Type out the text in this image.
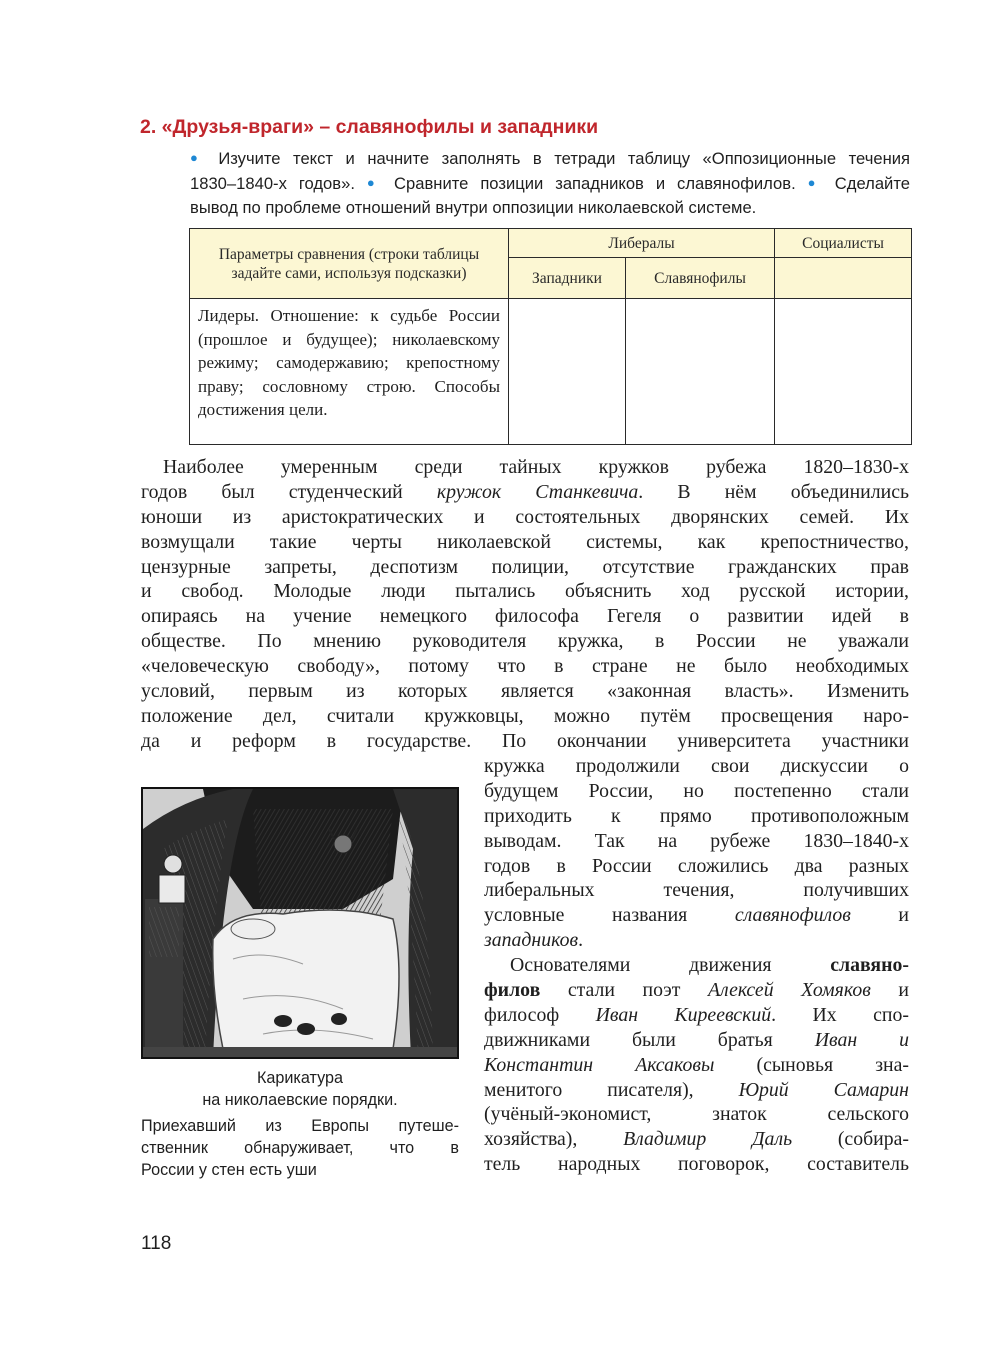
2. «Друзья-враги» – славянофилы и западники
● Изучите текст и начните заполнять в тетради таблицу «Оппозиционные течения
1830–1840-х годов». ● Сравните позиции западников и славянофилов. ● Сделайте
вывод по проблеме отношений внутри оппозиции николаевской системе.
Параметры сравнения (строки таблицы задайте сами, используя подсказки)	Либералы		Социалисты
	Западники	Славянофилы	
Лидеры. Отношение: к судьбе России (прошлое и будущее); николаевскому режиму; самодержавию; крепостному праву; сословному строю. Способы достижения цели.			
Наиболее умеренным среди тайных кружков рубежа 1820–1830-х
годов был студенческий кружок Станкевича. В нём объединились
юноши из аристократических и состоятельных дворянских семей. Их
возмущали такие черты николаевской системы, как крепостничество,
цензурные запреты, деспотизм полиции, отсутствие гражданских прав
и свобод. Молодые люди пытались объяснить ход русской истории,
опираясь на учение немецкого философа Гегеля о развитии идей в
обществе. По мнению руководителя кружка, в России не уважали
«человеческую свободу», потому что в стране не было необходимых
условий, первым из которых является «законная власть». Изменить
положение дел, считали кружковцы, можно путём просвещения наро-
да и реформ в государстве. По окончании университета участники
кружка продолжили свои дискуссии о
будущем России, но постепенно стали
приходить к прямо противоположным
выводам. Так на рубеже 1830–1840-х
годов в России сложились два разных
либеральных течения, получивших
условные названия славянофилов и
западников.
Основателями движения	славяно-
филов стали поэт Алексей Хомяков и
философ Иван Киреевский. Их спо-
движниками были братья Иван и
Константин Аксаковы (сыновья зна-
менитого писателя), Юрий Самарин
(учёный-экономист, знаток сельского
хозяйства), Владимир Даль (собира-
тель народных поговорок, составитель
Карикатура
на николаевские порядки.
Приехавший из Европы путеше-
ственник обнаруживает, что в
России у стен есть уши
118
